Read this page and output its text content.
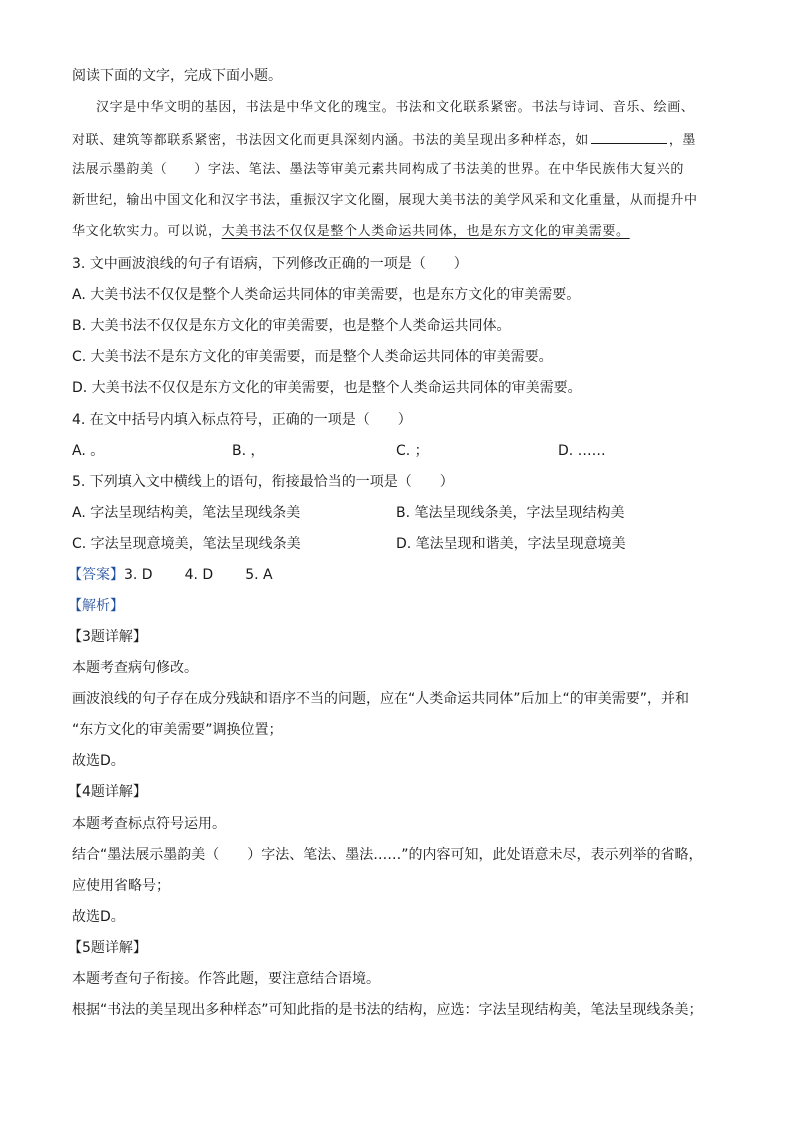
阅读下面的文字，完成下面小题。
汉字是中华文明的基因，书法是中华文化的瑰宝。书法和文化联系紧密。书法与诗词、音乐、绘画、
对联、建筑等都联系紧密，书法因文化而更具深刻内涵。书法的美呈现出多种样态，如	，墨
法展示墨韵美（　　）字法、笔法、墨法等审美元素共同构成了书法美的世界。在中华民族伟大复兴的
新世纪，输出中国文化和汉字书法，重振汉字文化圈，展现大美书法的美学风采和文化重量，从而提升中
华文化软实力。可以说，大美书法不仅仅是整个人类命运共同体，也是东方文化的审美需要。
3. 文中画波浪线的句子有语病，下列修改正确的一项是（　　）
A. 大美书法不仅仅是整个人类命运共同体的审美需要，也是东方文化的审美需要。
B. 大美书法不仅仅是东方文化的审美需要，也是整个人类命运共同体。
C. 大美书法不是东方文化的审美需要，而是整个人类命运共同体的审美需要。
D. 大美书法不仅仅是东方文化的审美需要，也是整个人类命运共同体的审美需要。
4. 在文中括号内填入标点符号，正确的一项是（　　）
A. 。	B. ，	C. ；	D. ……
5. 下列填入文中横线上的语句，衔接最恰当的一项是（　　）
A. 字法呈现结构美，笔法呈现线条美	B. 笔法呈现线条美，字法呈现结构美
C. 字法呈现意境美，笔法呈现线条美	D. 笔法呈现和谐美，字法呈现意境美
【答案】3. D 4. D 5. A
【解析】
【3题详解】
本题考查病句修改。
画波浪线的句子存在成分残缺和语序不当的问题，应在“人类命运共同体”后加上“的审美需要”，并和
“东方文化的审美需要”调换位置；
故选D。
【4题详解】
本题考查标点符号运用。
结合“墨法展示墨韵美（　　）字法、笔法、墨法……”的内容可知，此处语意未尽，表示列举的省略，
应使用省略号；
故选D。
【5题详解】
本题考查句子衔接。作答此题，要注意结合语境。
根据“书法的美呈现出多种样态”可知此指的是书法的结构，应选：字法呈现结构美，笔法呈现线条美；
